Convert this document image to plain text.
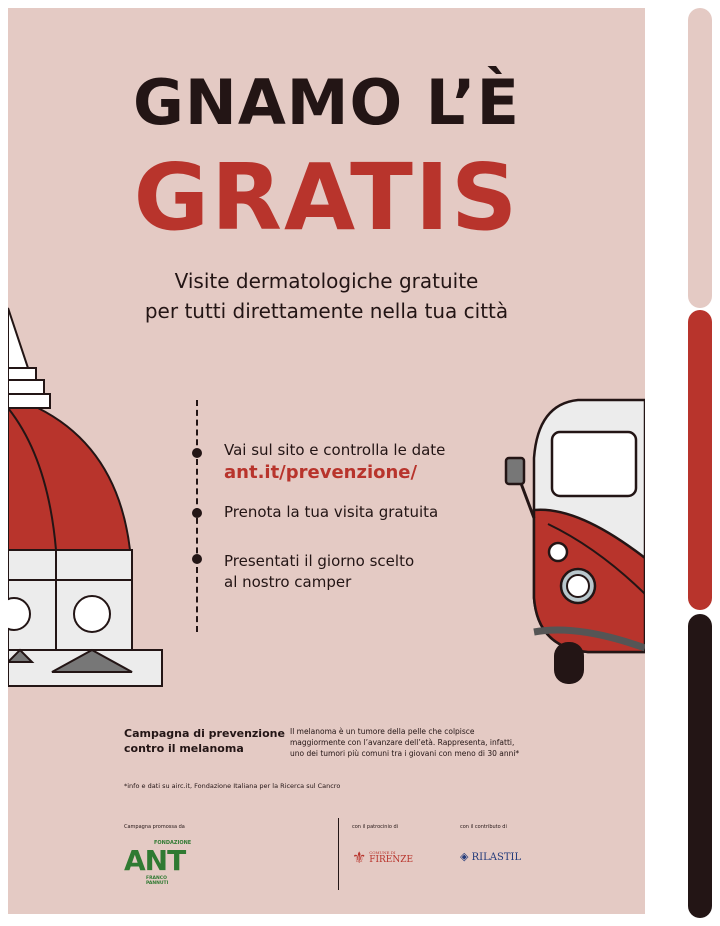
GNAMO L’È
GRATIS
Visite dermatologiche gratuite
per tutti direttamente nella tua città
Vai sul sito e controlla le date
ant.it/prevenzione/
Prenota la tua visita gratuita
Presentati il giorno scelto
al nostro camper
Campagna di prevenzione
contro il melanoma
Il melanoma è un tumore della pelle che colpisce
maggiormente con l’avanzare dell’età. Rappresenta, infatti,
uno dei tumori più comuni tra i giovani con meno di 30 anni*
*info e dati su airc.it, Fondazione Italiana per la Ricerca sul Cancro
Campagna promossa da	con il patrocinio di	con il contributo di
FONDAZIONE
ANT
FRANCO PANNUTI
⚜ COMUNE DI
FIRENZE	◈ RILASTIL
